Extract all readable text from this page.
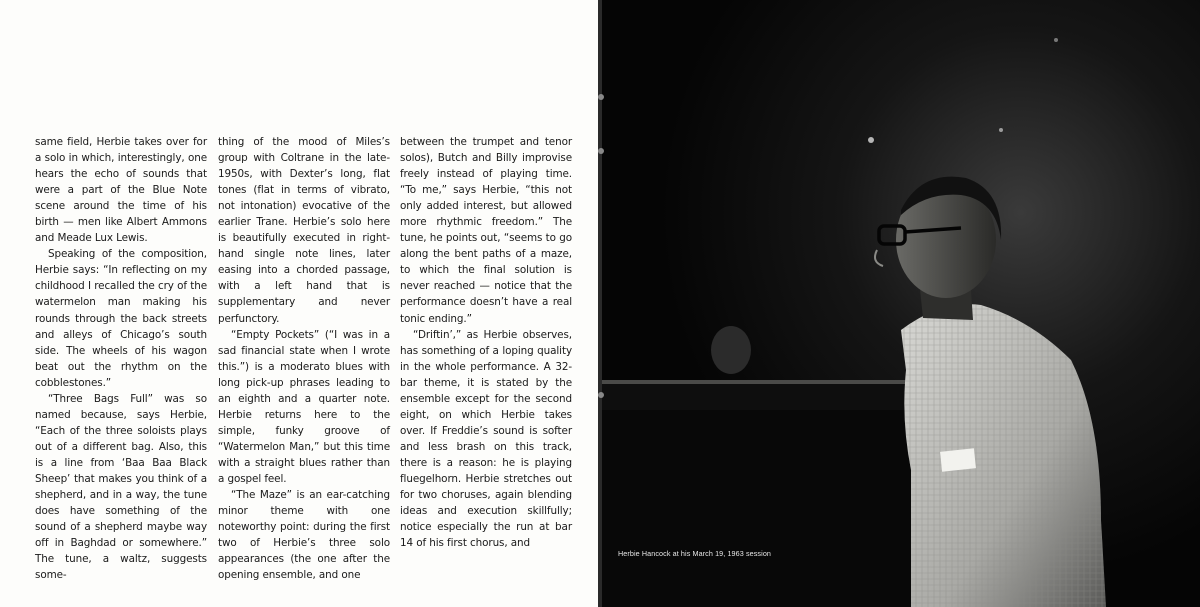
same field, Herbie takes over for a solo in which, interestingly, one hears the echo of sounds that were a part of the Blue Note scene around the time of his birth — men like Albert Ammons and Meade Lux Lewis.

Speaking of the composition, Herbie says: “In reflecting on my childhood I recalled the cry of the watermelon man making his rounds through the back streets and alleys of Chicago’s south side. The wheels of his wagon beat out the rhythm on the cobblestones.”

“Three Bags Full” was so named because, says Herbie, “Each of the three soloists plays out of a different bag. Also, this is a line from ‘Baa Baa Black Sheep’ that makes you think of a shepherd, and in a way, the tune does have something of the sound of a shepherd maybe way off in Baghdad or somewhere.” The tune, a waltz, suggests some-

thing of the mood of Miles’s group with Coltrane in the late-1950s, with Dexter’s long, flat tones (flat in terms of vibrato, not intonation) evocative of the earlier Trane. Herbie’s solo here is beautifully executed in right-hand single note lines, later easing into a chorded passage, with a left hand that is supplementary and never perfunctory.

“Empty Pockets” (“I was in a sad financial state when I wrote this.”) is a moderato blues with long pick-up phrases leading to an eighth and a quarter note. Herbie returns here to the simple, funky groove of “Watermelon Man,” but this time with a straight blues rather than a gospel feel.

“The Maze” is an ear-catching minor theme with one noteworthy point: during the first two of Herbie’s three solo appearances (the one after the opening ensemble, and one

between the trumpet and tenor solos), Butch and Billy improvise freely instead of playing time. “To me,” says Herbie, “this not only added interest, but allowed more rhythmic freedom.” The tune, he points out, “seems to go along the bent paths of a maze, to which the final solution is never reached — notice that the performance doesn’t have a real tonic ending.”

“Driftin’,” as Herbie observes, has something of a loping quality in the whole performance. A 32-bar theme, it is stated by the ensemble except for the second eight, on which Herbie takes over. If Freddie’s sound is softer and less brash on this track, there is a reason: he is playing fluegelhorn. Herbie stretches out for two choruses, again blending ideas and execution skillfully; notice especially the run at bar 14 of his first chorus, and

Herbie Hancock at his March 19, 1963 session
